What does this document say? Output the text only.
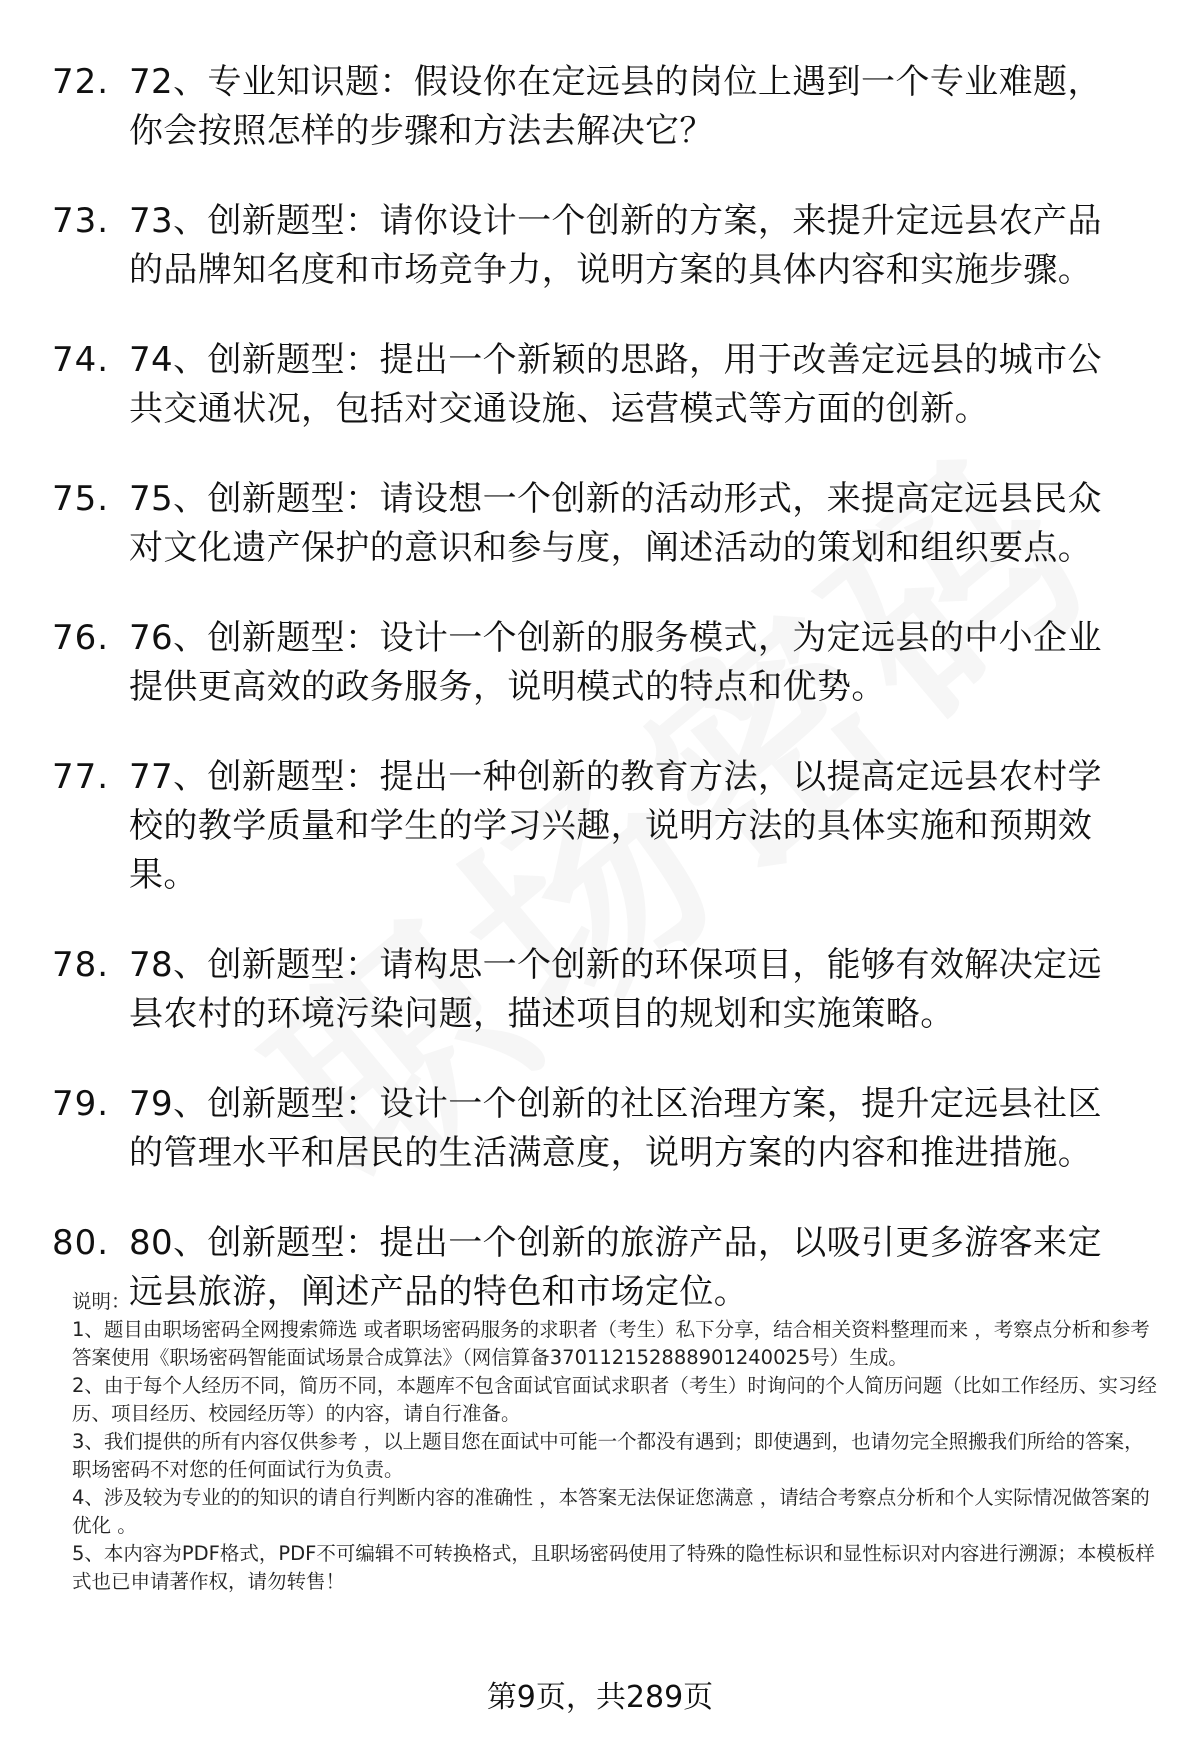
72. 72、专业知识题：假设你在定远县的岗位上遇到一个专业难题，你会按照怎样的步骤和方法去解决它？
73. 73、创新题型：请你设计一个创新的方案，来提升定远县农产品的品牌知名度和市场竞争力，说明方案的具体内容和实施步骤。
74. 74、创新题型：提出一个新颖的思路，用于改善定远县的城市公共交通状况，包括对交通设施、运营模式等方面的创新。
75. 75、创新题型：请设想一个创新的活动形式，来提高定远县民众对文化遗产保护的意识和参与度，阐述活动的策划和组织要点。
76. 76、创新题型：设计一个创新的服务模式，为定远县的中小企业提供更高效的政务服务，说明模式的特点和优势。
77. 77、创新题型：提出一种创新的教育方法，以提高定远县农村学校的教学质量和学生的学习兴趣，说明方法的具体实施和预期效果。
78. 78、创新题型：请构思一个创新的环保项目，能够有效解决定远县农村的环境污染问题，描述项目的规划和实施策略。
79. 79、创新题型：设计一个创新的社区治理方案，提升定远县社区的管理水平和居民的生活满意度，说明方案的内容和推进措施。
80. 80、创新题型：提出一个创新的旅游产品，以吸引更多游客来定远县旅游，阐述产品的特色和市场定位。

说明：

1、题目由职场密码全网搜索筛选 或者职场密码服务的求职者（考生）私下分享，结合相关资料整理而来 ，考察点分析和参考答案使用《职场密码智能面试场景合成算法》（网信算备370112152888901240025号）生成。

2、由于每个人经历不同，简历不同，本题库不包含面试官面试求职者（考生）时询问的个人简历问题（比如工作经历、实习经历、项目经历、校园经历等）的内容，请自行准备。

3、我们提供的所有内容仅供参考 ，以上题目您在面试中可能一个都没有遇到；即使遇到，也请勿完全照搬我们所给的答案，职场密码不对您的任何面试行为负责。

4、涉及较为专业的的知识的请自行判断内容的准确性 ，本答案无法保证您满意 ，请结合考察点分析和个人实际情况做答案的优化 。

5、本内容为PDF格式，PDF不可编辑不可转换格式，且职场密码使用了特殊的隐性标识和显性标识对内容进行溯源；本模板样式也已申请著作权，请勿转售！

第9页，共289页
